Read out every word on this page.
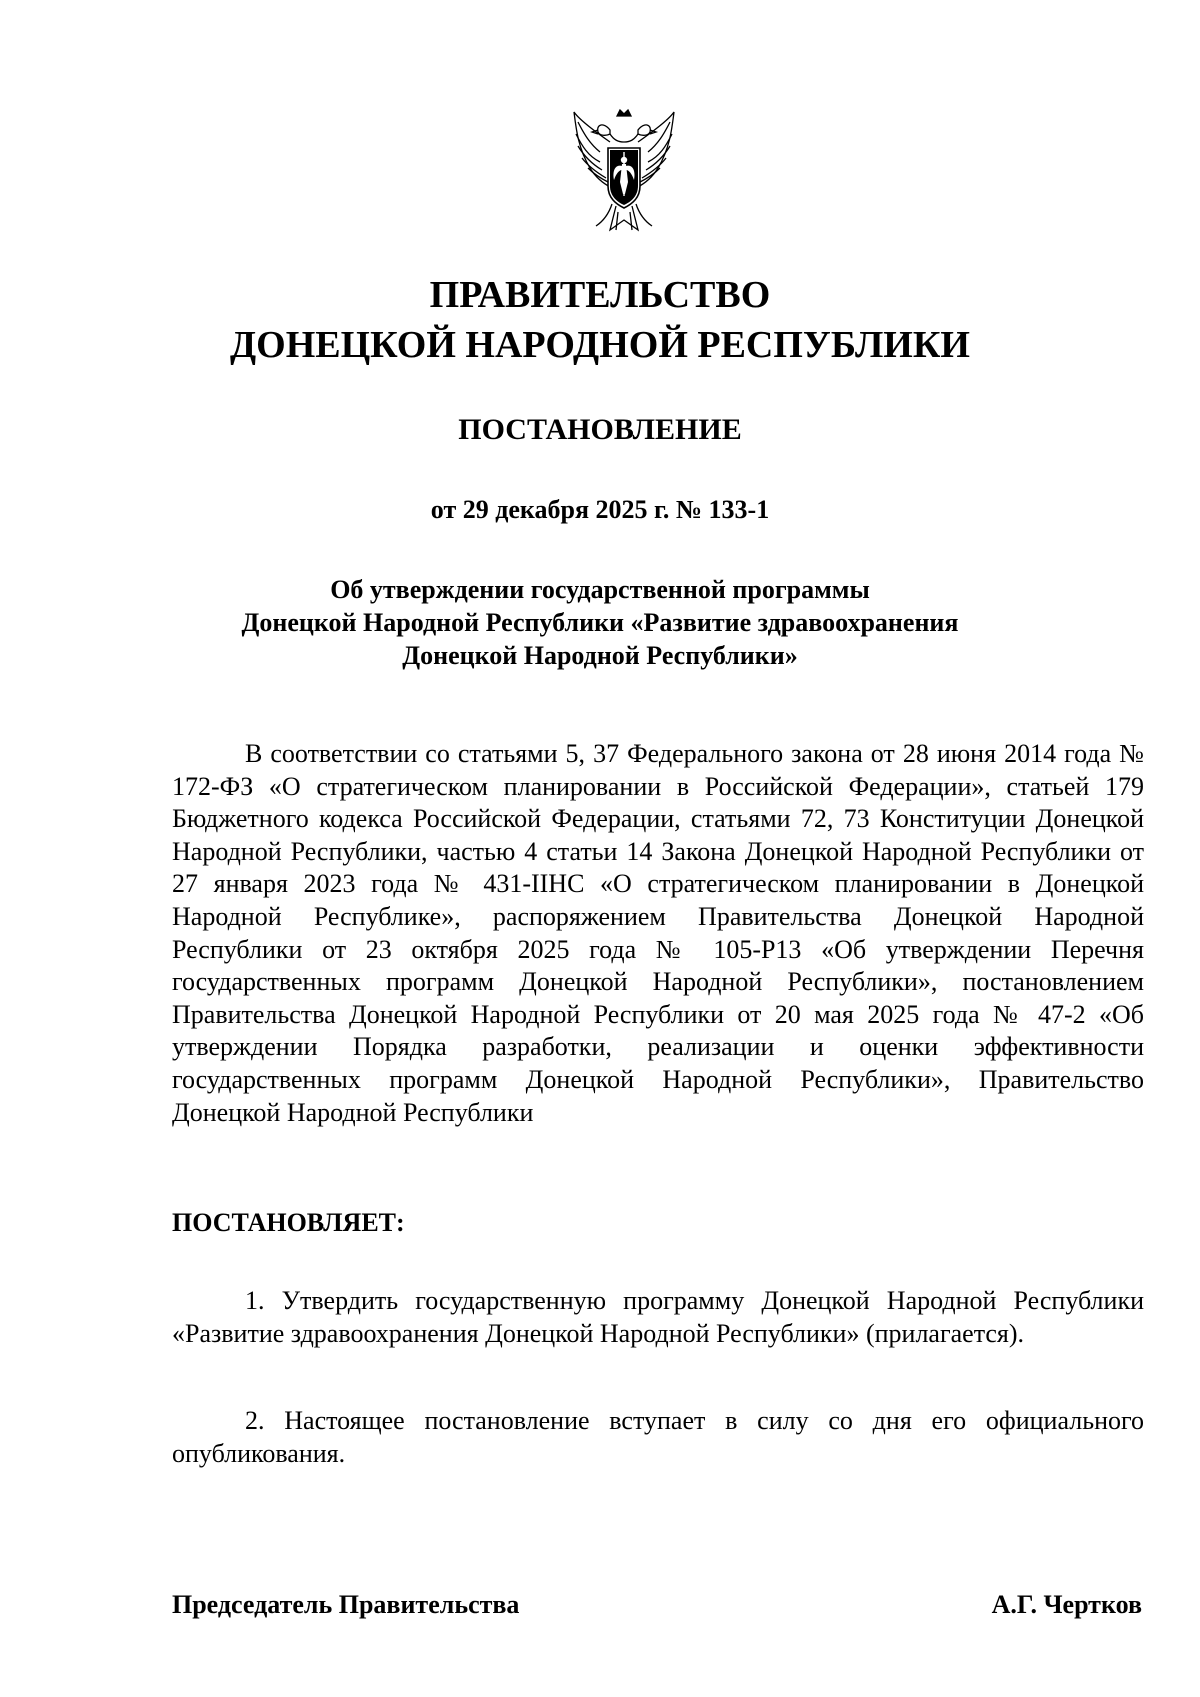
ПРАВИТЕЛЬСТВО
ДОНЕЦКОЙ НАРОДНОЙ РЕСПУБЛИКИ
ПОСТАНОВЛЕНИЕ
от 29 декабря 2025 г. № 133-1
Об утверждении государственной программы
Донецкой Народной Республики «Развитие здравоохранения
Донецкой Народной Республики»

В соответствии со статьями 5, 37 Федерального закона от 28 июня 2014 года № 172-ФЗ «О стратегическом планировании в Российской Федерации», статьей 179 Бюджетного кодекса Российской Федерации, статьями 72, 73 Конституции Донецкой Народной Республики, частью 4 статьи 14 Закона Донецкой Народной Республики от 27 января 2023 года № 431-IIНС «О стратегическом планировании в Донецкой Народной Республике», распоряжением Правительства Донецкой Народной Республики от 23 октября 2025 года № 105-Р13 «Об утверждении Перечня государственных программ Донецкой Народной Республики», постановлением Правительства Донецкой Народной Республики от 20 мая 2025 года № 47-2 «Об утверждении Порядка разработки, реализации и оценки эффективности государственных программ Донецкой Народной Республики», Правительство Донецкой Народной Республики

ПОСТАНОВЛЯЕТ:

1. Утвердить государственную программу Донецкой Народной Республики «Развитие здравоохранения Донецкой Народной Республики» (прилагается).

2. Настоящее постановление вступает в силу со дня его официального опубликования.

Председатель Правительства	А.Г. Чертков
